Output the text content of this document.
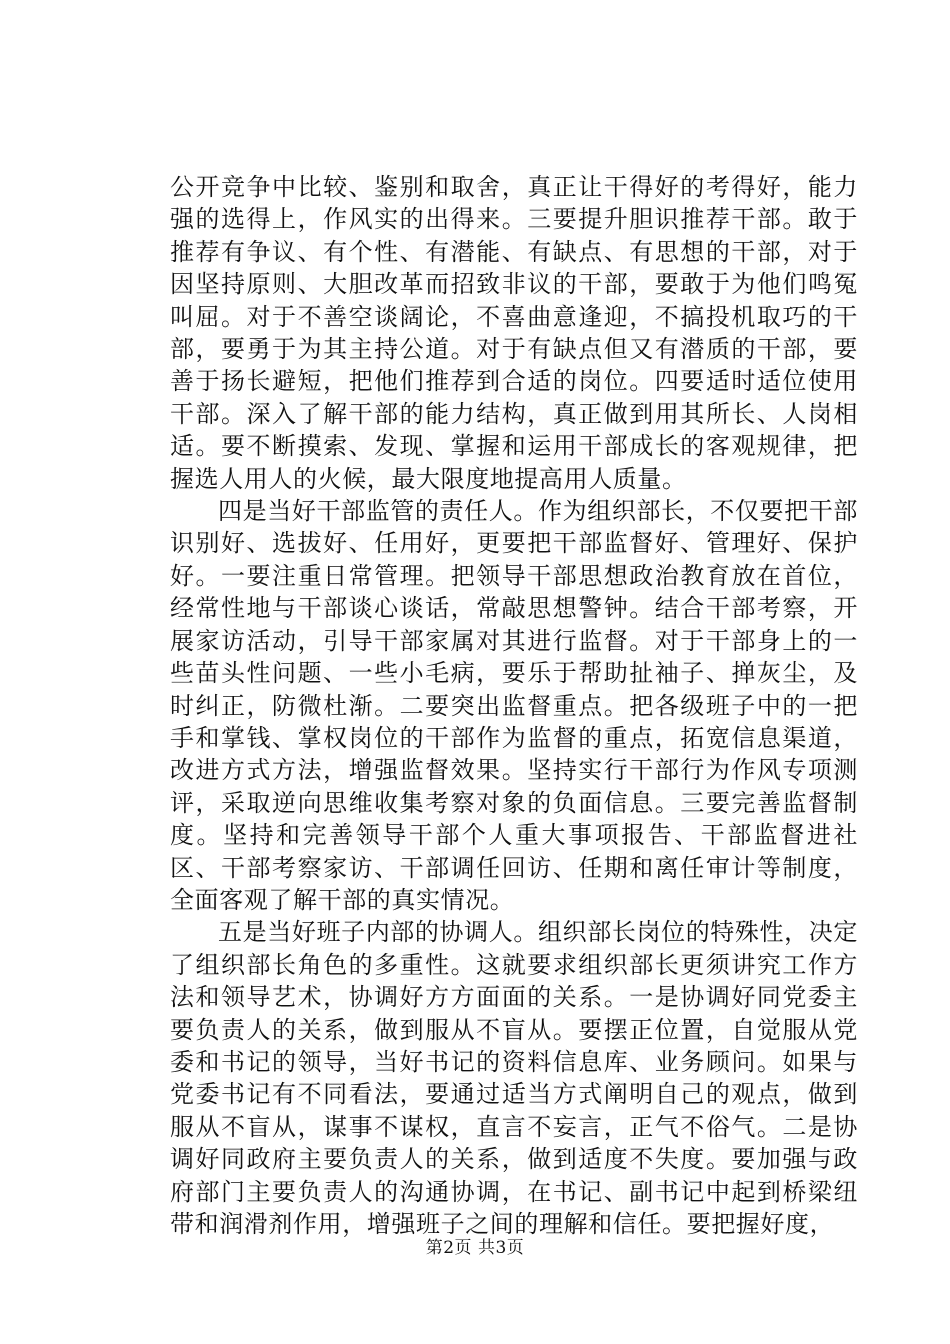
公开竞争中比较、鉴别和取舍，真正让干得好的考得好，能力强的选得上，作风实的出得来。三要提升胆识推荐干部。敢于推荐有争议、有个性、有潜能、有缺点、有思想的干部，对于因坚持原则、大胆改革而招致非议的干部，要敢于为他们鸣冤叫屈。对于不善空谈阔论，不喜曲意逢迎，不搞投机取巧的干部，要勇于为其主持公道。对于有缺点但又有潜质的干部，要善于扬长避短，把他们推荐到合适的岗位。四要适时适位使用干部。深入了解干部的能力结构，真正做到用其所长、人岗相适。要不断摸索、发现、掌握和运用干部成长的客观规律，把握选人用人的火候，最大限度地提高用人质量。

四是当好干部监管的责任人。作为组织部长，不仅要把干部识别好、选拔好、任用好，更要把干部监督好、管理好、保护好。一要注重日常管理。把领导干部思想政治教育放在首位，经常性地与干部谈心谈话，常敲思想警钟。结合干部考察，开展家访活动，引导干部家属对其进行监督。对于干部身上的一些苗头性问题、一些小毛病，要乐于帮助扯袖子、掸灰尘，及时纠正，防微杜渐。二要突出监督重点。把各级班子中的一把手和掌钱、掌权岗位的干部作为监督的重点，拓宽信息渠道，改进方式方法，增强监督效果。坚持实行干部行为作风专项测评，采取逆向思维收集考察对象的负面信息。三要完善监督制度。坚持和完善领导干部个人重大事项报告、干部监督进社区、干部考察家访、干部调任回访、任期和离任审计等制度，全面客观了解干部的真实情况。

五是当好班子内部的协调人。组织部长岗位的特殊性，决定了组织部长角色的多重性。这就要求组织部长更须讲究工作方法和领导艺术，协调好方方面面的关系。一是协调好同党委主要负责人的关系，做到服从不盲从。要摆正位置，自觉服从党委和书记的领导，当好书记的资料信息库、业务顾问。如果与党委书记有不同看法，要通过适当方式阐明自己的观点，做到服从不盲从，谋事不谋权，直言不妄言，正气不俗气。二是协调好同政府主要负责人的关系，做到适度不失度。要加强与政府部门主要负责人的沟通协调，在书记、副书记中起到桥梁纽带和润滑剂作用，增强班子之间的理解和信任。要把握好度，

第2页 共3页
